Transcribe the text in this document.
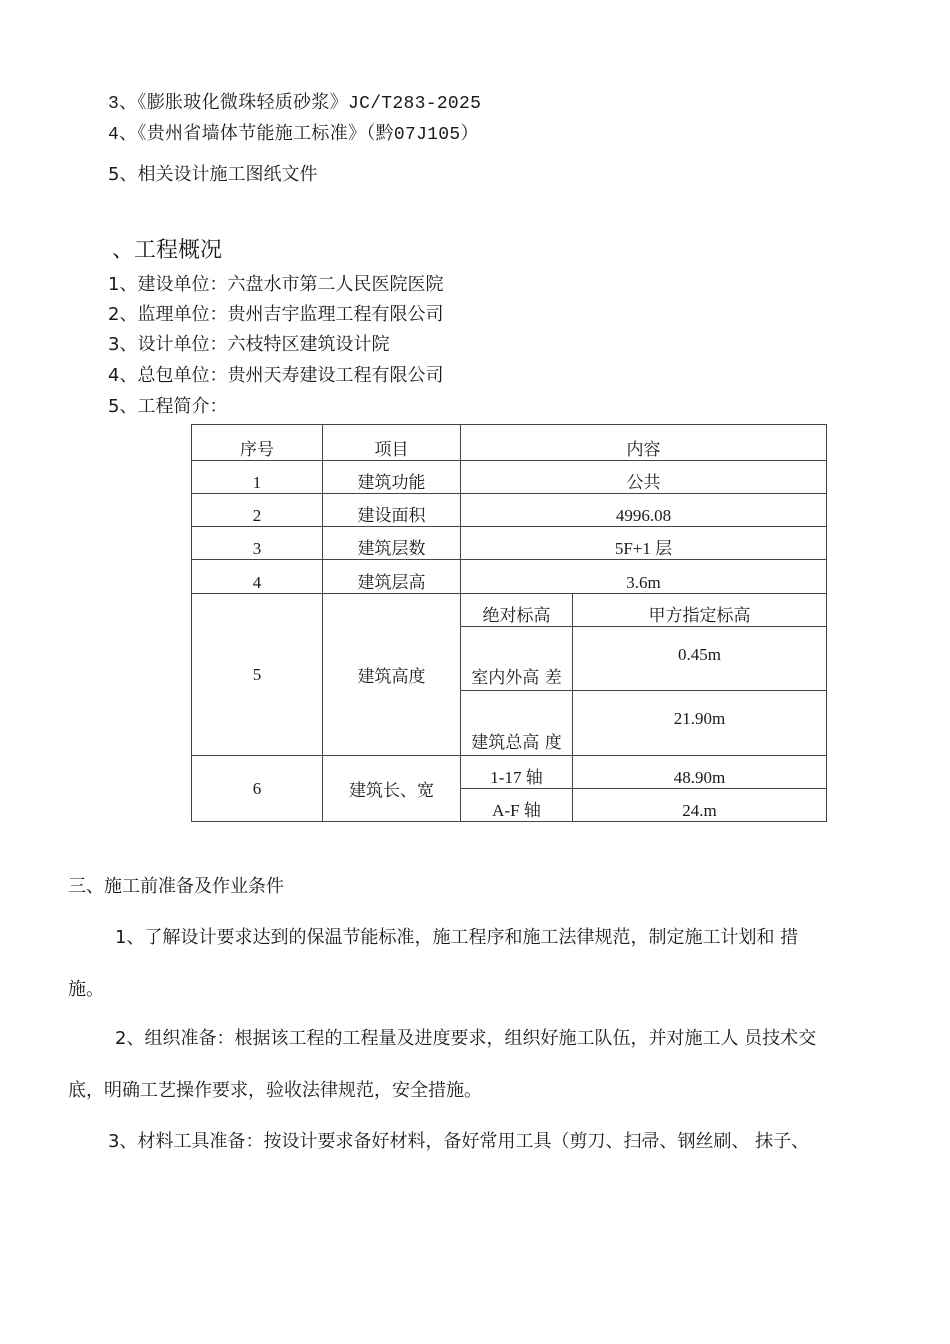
3、《膨胀玻化微珠轻质砂浆》JC/T283-2025
4、《贵州省墙体节能施工标准》（黔07J105）
5、相关设计施工图纸文件
、工程概况
1、建设单位：六盘水市第二人民医院医院
2、监理单位：贵州吉宇监理工程有限公司
3、设计单位：六枝特区建筑设计院
4、总包单位：贵州天寿建设工程有限公司
5、工程简介：
序号	项目	内容	
1	建筑功能	公共	
2	建设面积	4996.08	
3	建筑层数	5F+1 层	
4	建筑层高	3.6m	
5	建筑高度	绝对标高	甲方指定标高
		室内外高 差	0.45m
		建筑总高 度	21.90m
6	建筑长、宽	1-17 轴	48.90m
		A-F 轴	24.m
三、施工前准备及作业条件
1、了解设计要求达到的保温节能标准，施工程序和施工法律规范，制定施工计划和 措
施。
2、组织准备：根据该工程的工程量及进度要求，组织好施工队伍，并对施工人 员技术交
底，明确工艺操作要求，验收法律规范，安全措施。
3、材料工具准备：按设计要求备好材料，备好常用工具（剪刀、扫帚、钢丝刷、 抹子、
